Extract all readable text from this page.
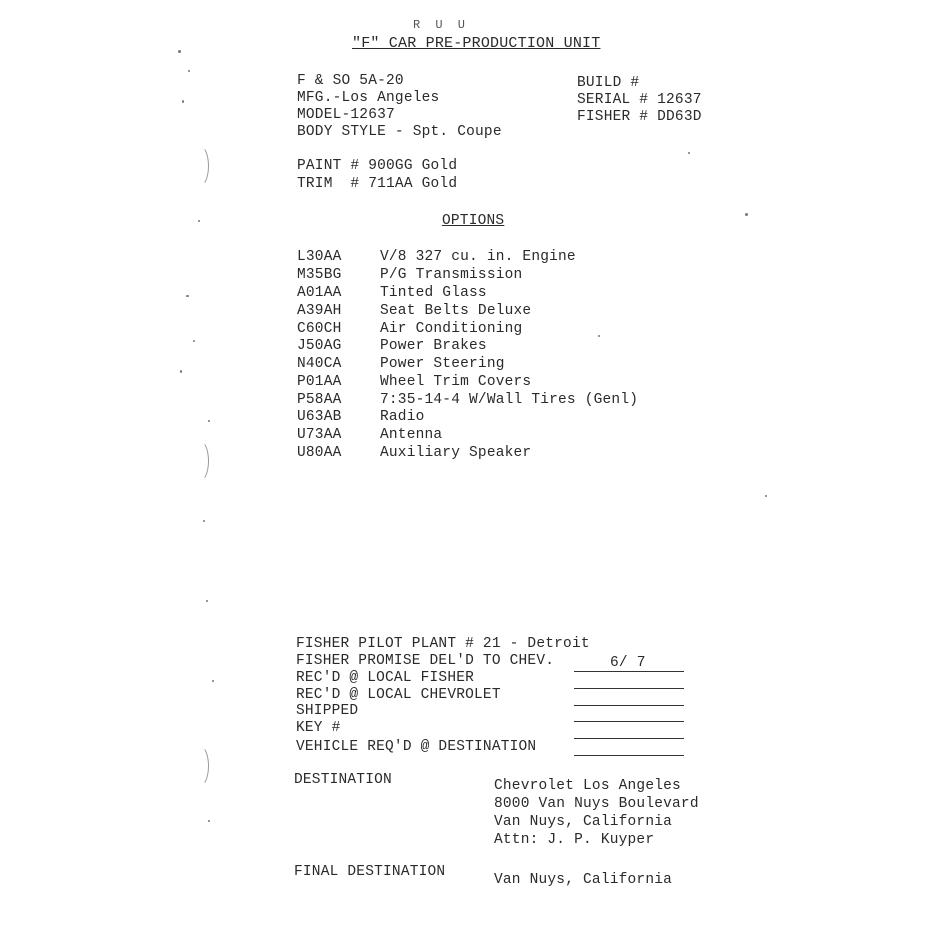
R U U
"F" CAR PRE-PRODUCTION UNIT
F & SO 5A-20
MFG.-Los Angeles
MODEL-12637
BODY STYLE - Spt. Coupe
BUILD #
SERIAL # 12637
FISHER # DD63D
PAINT # 900GG Gold
TRIM  # 711AA Gold
OPTIONS
L30AA	V/8 327 cu. in. Engine
M35BG	P/G Transmission
A01AA	Tinted Glass
A39AH	Seat Belts Deluxe
C60CH	Air Conditioning
J50AG	Power Brakes
N40CA	Power Steering
P01AA	Wheel Trim Covers
P58AA	7:35-14-4 W/Wall Tires (Genl)
U63AB	Radio
U73AA	Antenna
U80AA	Auxiliary Speaker
FISHER PILOT PLANT # 21 - Detroit
FISHER PROMISE DEL'D TO CHEV.	6/ 7
REC'D @ LOCAL FISHER
REC'D @ LOCAL CHEVROLET
SHIPPED
KEY #
VEHICLE REQ'D @ DESTINATION
DESTINATION	Chevrolet Los Angeles
8000 Van Nuys Boulevard
Van Nuys, California
Attn: J. P. Kuyper
FINAL DESTINATION	Van Nuys, California
